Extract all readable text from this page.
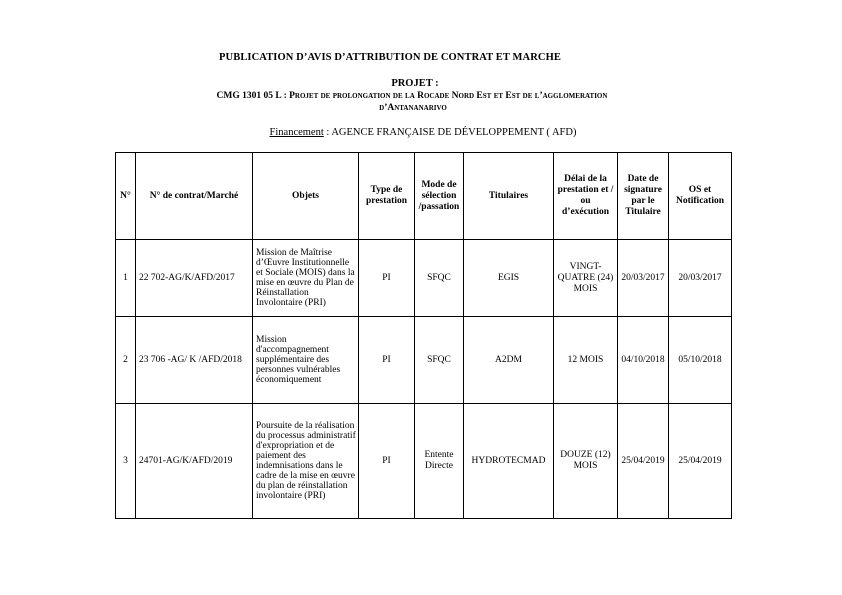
PUBLICATION D’AVIS D’ATTRIBUTION DE CONTRAT ET MARCHE
PROJET :
CMG 1301 05 L : Projet de prolongation de la Rocade Nord Est et Est de l’agglomeration
d’Antananarivo
Financement : AGENCE FRANÇAISE DE DÉVELOPPEMENT ( AFD)
N°	N° de contrat/Marché	Objets	Type de prestation	Mode de sélection /passation	Titulaires	Délai de la prestation et / ou d’exécution	Date de signature par le Titulaire	OS et Notification
1	22 702-AG/K/AFD/2017	Mission de Maîtrise d’Œuvre Institutionnelle et Sociale (MOIS) dans la mise en œuvre du Plan de Réinstallation Involontaire (PRI)	PI	SFQC	EGIS	VINGT-QUATRE (24) MOIS	20/03/2017	20/03/2017
2	23 706 -AG/ K /AFD/2018	Mission d'accompagnement supplémentaire des personnes vulnérables économiquement	PI	SFQC	A2DM	12 MOIS	04/10/2018	05/10/2018
3	24701-AG/K/AFD/2019	Poursuite de la réalisation du processus administratif d'expropriation et de paiement des indemnisations dans le cadre de la mise en œuvre du plan de réinstallation involontaire (PRI)	PI	Entente Directe	HYDROTECMAD	DOUZE (12) MOIS	25/04/2019	25/04/2019
